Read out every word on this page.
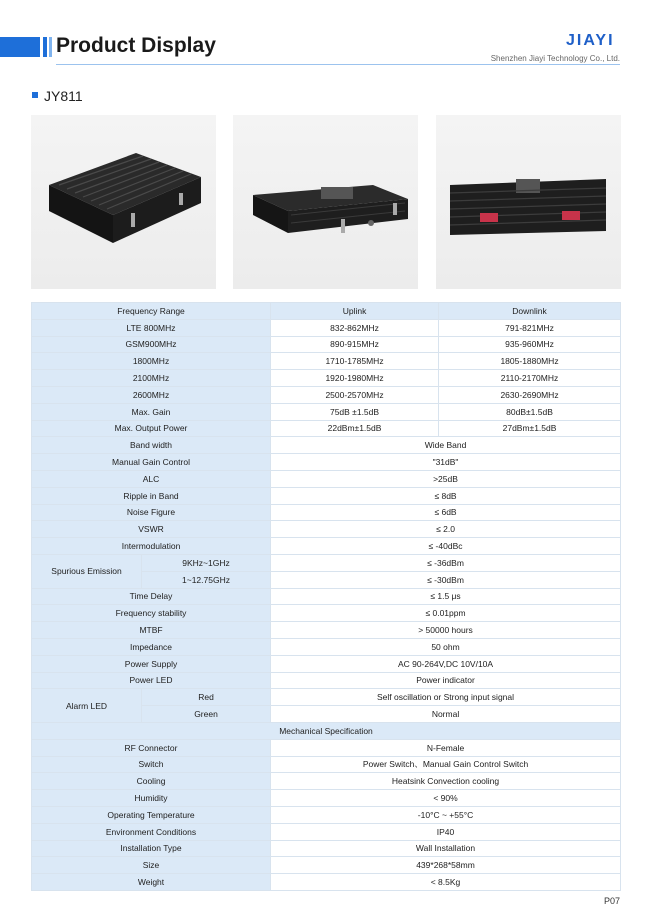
Product Display	JIAYI
Shenzhen Jiayi Technology Co., Ltd.
JY811
Frequency Range		Uplink	Downlink
LTE 800MHz		832-862MHz	791-821MHz
GSM900MHz		890-915MHz	935-960MHz
1800MHz		1710-1785MHz	1805-1880MHz
2100MHz		1920-1980MHz	2110-2170MHz
2600MHz		2500-2570MHz	2630-2690MHz
Max. Gain		75dB ±1.5dB	80dB±1.5dB
Max. Output Power		22dBm±1.5dB	27dBm±1.5dB
Band width		Wide Band	
Manual Gain Control		"31dB"	
ALC		>25dB	
Ripple in Band		≤ 8dB	
Noise Figure		≤ 6dB	
VSWR		≤ 2.0	
Intermodulation		≤ -40dBc	
Spurious Emission	9KHz~1GHz	≤ -36dBm	
	1~12.75GHz	≤ -30dBm	
Time Delay		≤ 1.5 μs	
Frequency stability		≤ 0.01ppm	
MTBF		> 50000 hours	
Impedance		50 ohm	
Power Supply		AC 90-264V,DC 10V/10A	
Power LED		Power indicator	
Alarm LED	Red	Self oscillation or Strong input signal	
	Green	Normal	
Mechanical Specification			
RF Connector		N-Female	
Switch		Power Switch、Manual Gain Control Switch	
Cooling		Heatsink Convection cooling	
Humidity		< 90%	
Operating Temperature		-10°C ~ +55°C	
Environment Conditions		IP40	
Installation Type		Wall Installation	
Size		439*268*58mm	
Weight		< 8.5Kg	
P07
